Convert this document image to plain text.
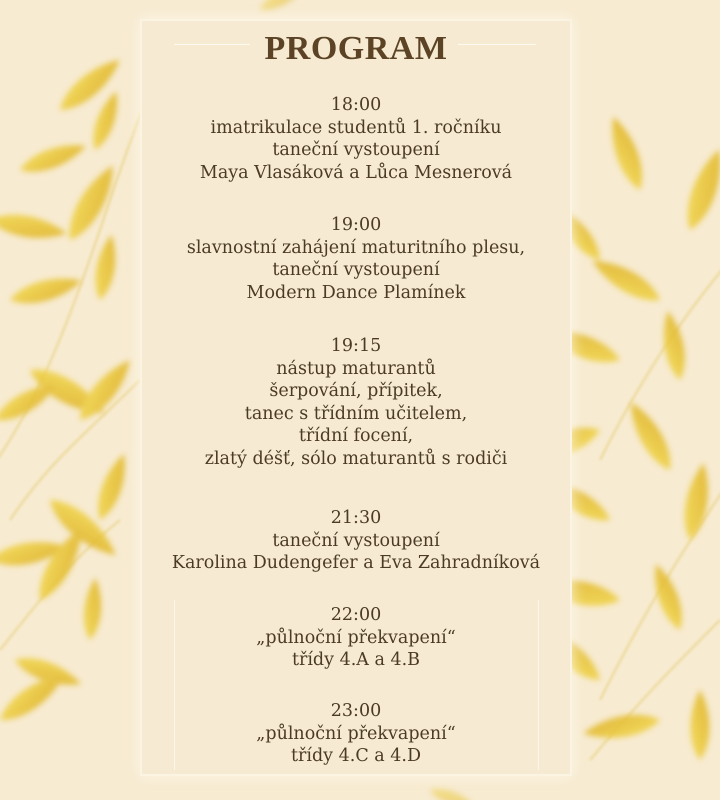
PROGRAM
18:00
imatrikulace studentů 1. ročníku
taneční vystoupení
Maya Vlasáková a Lůca Mesnerová
19:00
slavnostní zahájení maturitního plesu,
taneční vystoupení
Modern Dance Plamínek
19:15
nástup maturantů
šerpování, přípitek,
tanec s třídním učitelem,
třídní focení,
zlatý déšť, sólo maturantů s rodiči
21:30
taneční vystoupení
Karolina Dudengefer a Eva Zahradníková
22:00
„půlnoční překvapení“
třídy 4.A a 4.B
23:00
„půlnoční překvapení“
třídy 4.C a 4.D
